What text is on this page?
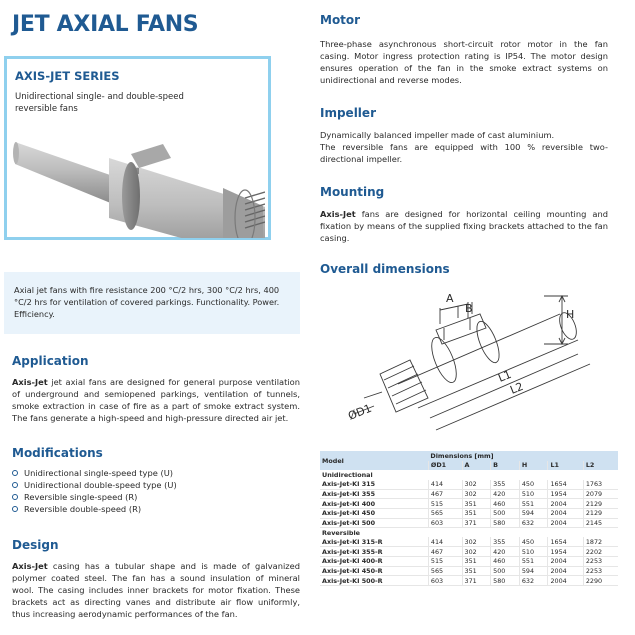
JET AXIAL FANS
AXIS-JET SERIES
Unidirectional single- and double-speed reversible fans
Axial jet fans with fire resistance 200 °C/2 hrs, 300 °C/2 hrs, 400 °C/2 hrs for ventilation of covered parkings. Functionality. Power. Efficiency.
Application
Axis-Jet jet axial fans are designed for general purpose ventilation of underground and semiopened parkings, ventilation of tunnels, smoke extraction in case of fire as a part of smoke extract system. The fans generate a high-speed and high-pressure directed air jet.
Modifications
Unidirectional single-speed type (U)
Unidirectional double-speed type (U)
Reversible single-speed (R)
Reversible double-speed (R)
Design
Axis-Jet casing has a tubular shape and is made of galvanized polymer coated steel. The fan has a sound insulation of mineral wool. The casing includes inner brackets for motor fixation. These brackets act as directing vanes and distribute air flow uniformly, thus increasing aerodynamic performances of the fan.
Motor
Three-phase asynchronous short-circuit rotor motor in the fan casing. Motor ingress protection rating is IP54. The motor design ensures operation of the fan in the smoke extract systems on unidirectional and reverse modes.
Impeller
Dynamically balanced impeller made of cast aluminium.
The reversible fans are equipped with 100 % reversible two-directional impeller.
Mounting
Axis-Jet fans are designed for horizontal ceiling mounting and fixation by means of the supplied fixing brackets attached to the fan casing.
Overall dimensions
A
B	H
L1
L2
ØD1
Model	Dimensions [mm]					
	ØD1	A	B	H	L1	L2
Unidirectional						
Axis-Jet-KI 315	414	302	355	450	1654	1763
Axis-Jet-KI 355	467	302	420	510	1954	2079
Axis-Jet-KI 400	515	351	460	551	2004	2129
Axis-Jet-KI 450	565	351	500	594	2004	2129
Axis-Jet-KI 500	603	371	580	632	2004	2145
Reversible						
Axis-Jet-KI 315-R	414	302	355	450	1654	1872
Axis-Jet-KI 355-R	467	302	420	510	1954	2202
Axis-Jet-KI 400-R	515	351	460	551	2004	2253
Axis-Jet-KI 450-R	565	351	500	594	2004	2253
Axis-Jet-KI 500-R	603	371	580	632	2004	2290
